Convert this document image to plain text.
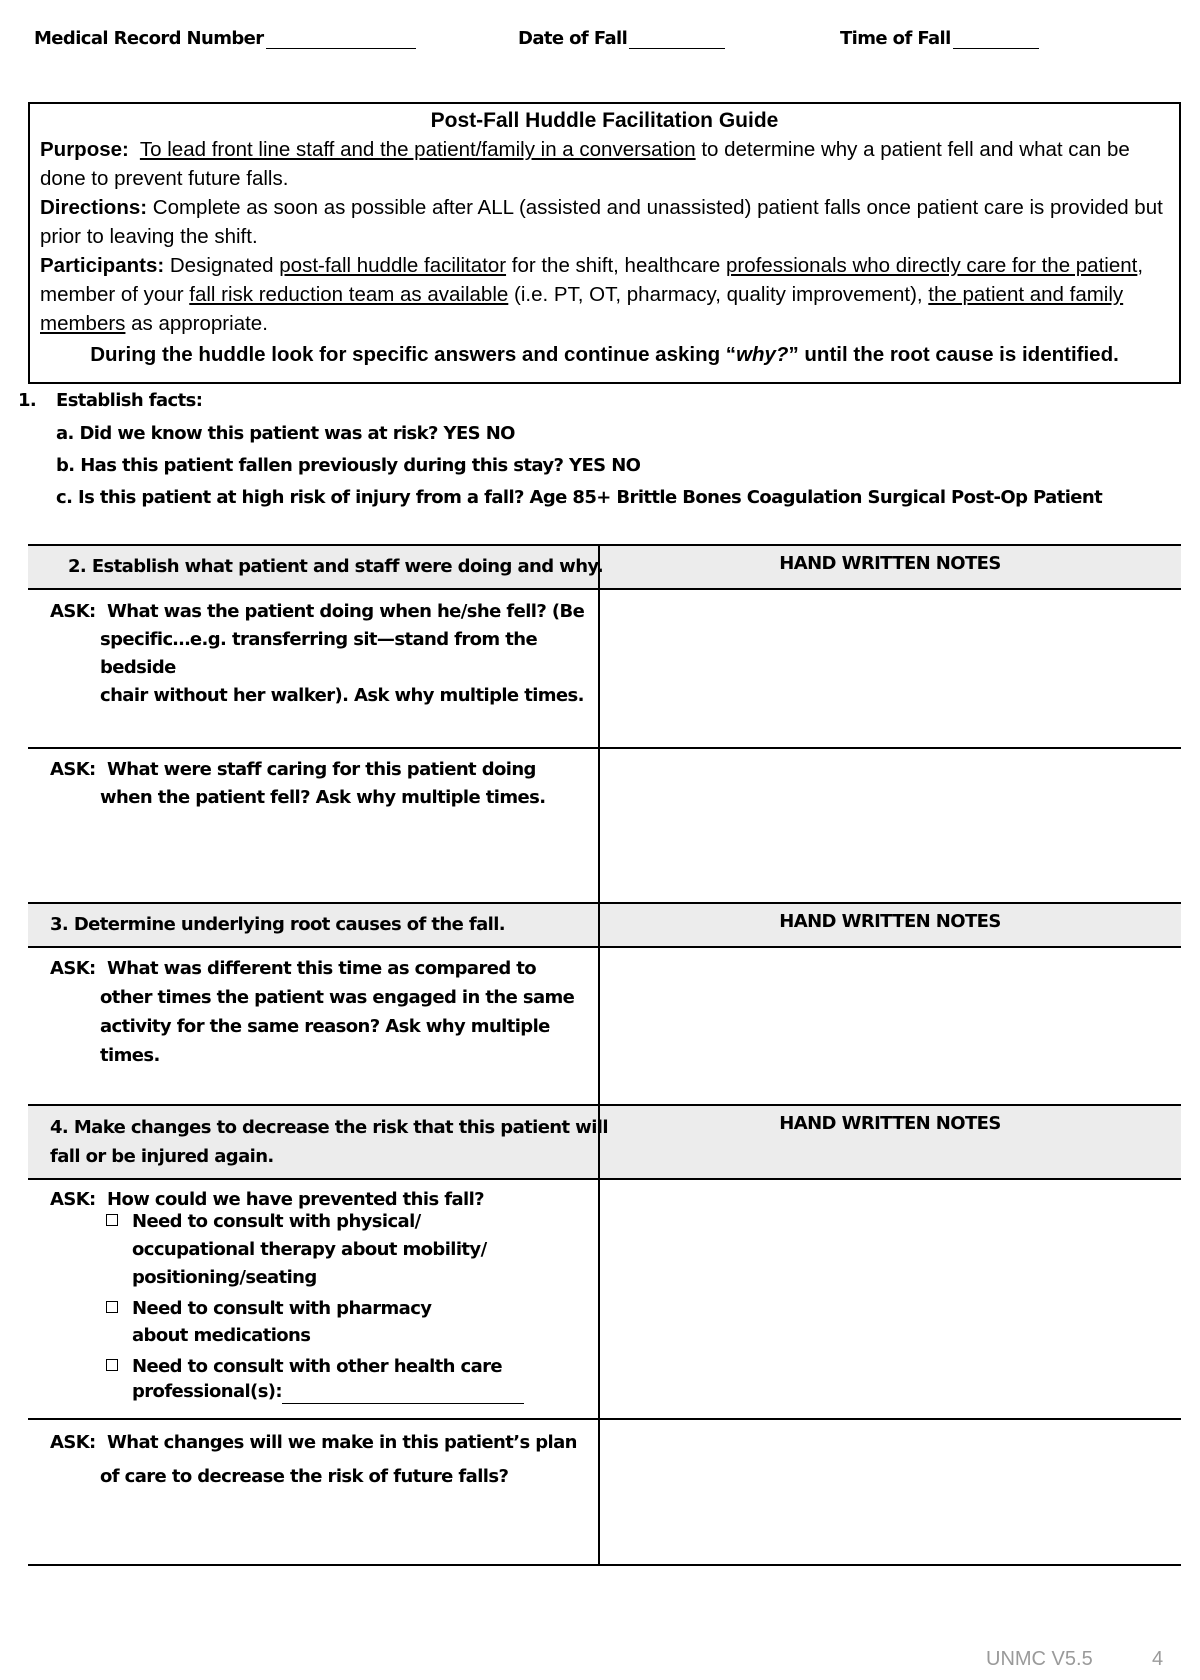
Medical Record Number	Date of Fall	Time of Fall
Post-Fall Huddle Facilitation Guide
Purpose: To lead front line staff and the patient/family in a conversation to determine why a patient fell and what can be done to prevent future falls.
Directions: Complete as soon as possible after ALL (assisted and unassisted) patient falls once patient care is provided but prior to leaving the shift.
Participants: Designated post-fall huddle facilitator for the shift, healthcare professionals who directly care for the patient, member of your fall risk reduction team as available (i.e. PT, OT, pharmacy, quality improvement), the patient and family members as appropriate.
During the huddle look for specific answers and continue asking “why?” until the root cause is identified.
1. Establish facts:
a. Did we know this patient was at risk? YES NO
b. Has this patient fallen previously during this stay? YES NO
c. Is this patient at high risk of injury from a fall? Age 85+ Brittle Bones Coagulation Surgical Post-Op Patient
2. Establish what patient and staff were doing and why.	HAND WRITTEN NOTES
ASK: What was the patient doing when he/she fell? (Be
specific…e.g. transferring sit—stand from the bedside
chair without her walker). Ask why multiple times.
ASK: What were staff caring for this patient doing
when the patient fell? Ask why multiple times.
3. Determine underlying root causes of the fall.	HAND WRITTEN NOTES
ASK: What was different this time as compared to
other times the patient was engaged in the same
activity for the same reason? Ask why multiple
times.
4. Make changes to decrease the risk that this patient will
fall or be injured again.
HAND WRITTEN NOTES
ASK: How could we have prevented this fall?
Need to consult with physical/
occupational therapy about mobility/
positioning/seating
Need to consult with pharmacy
about medications
Need to consult with other health care
professional(s):
ASK: What changes will we make in this patient’s plan
of care to decrease the risk of future falls?
UNMC V5.5	4
